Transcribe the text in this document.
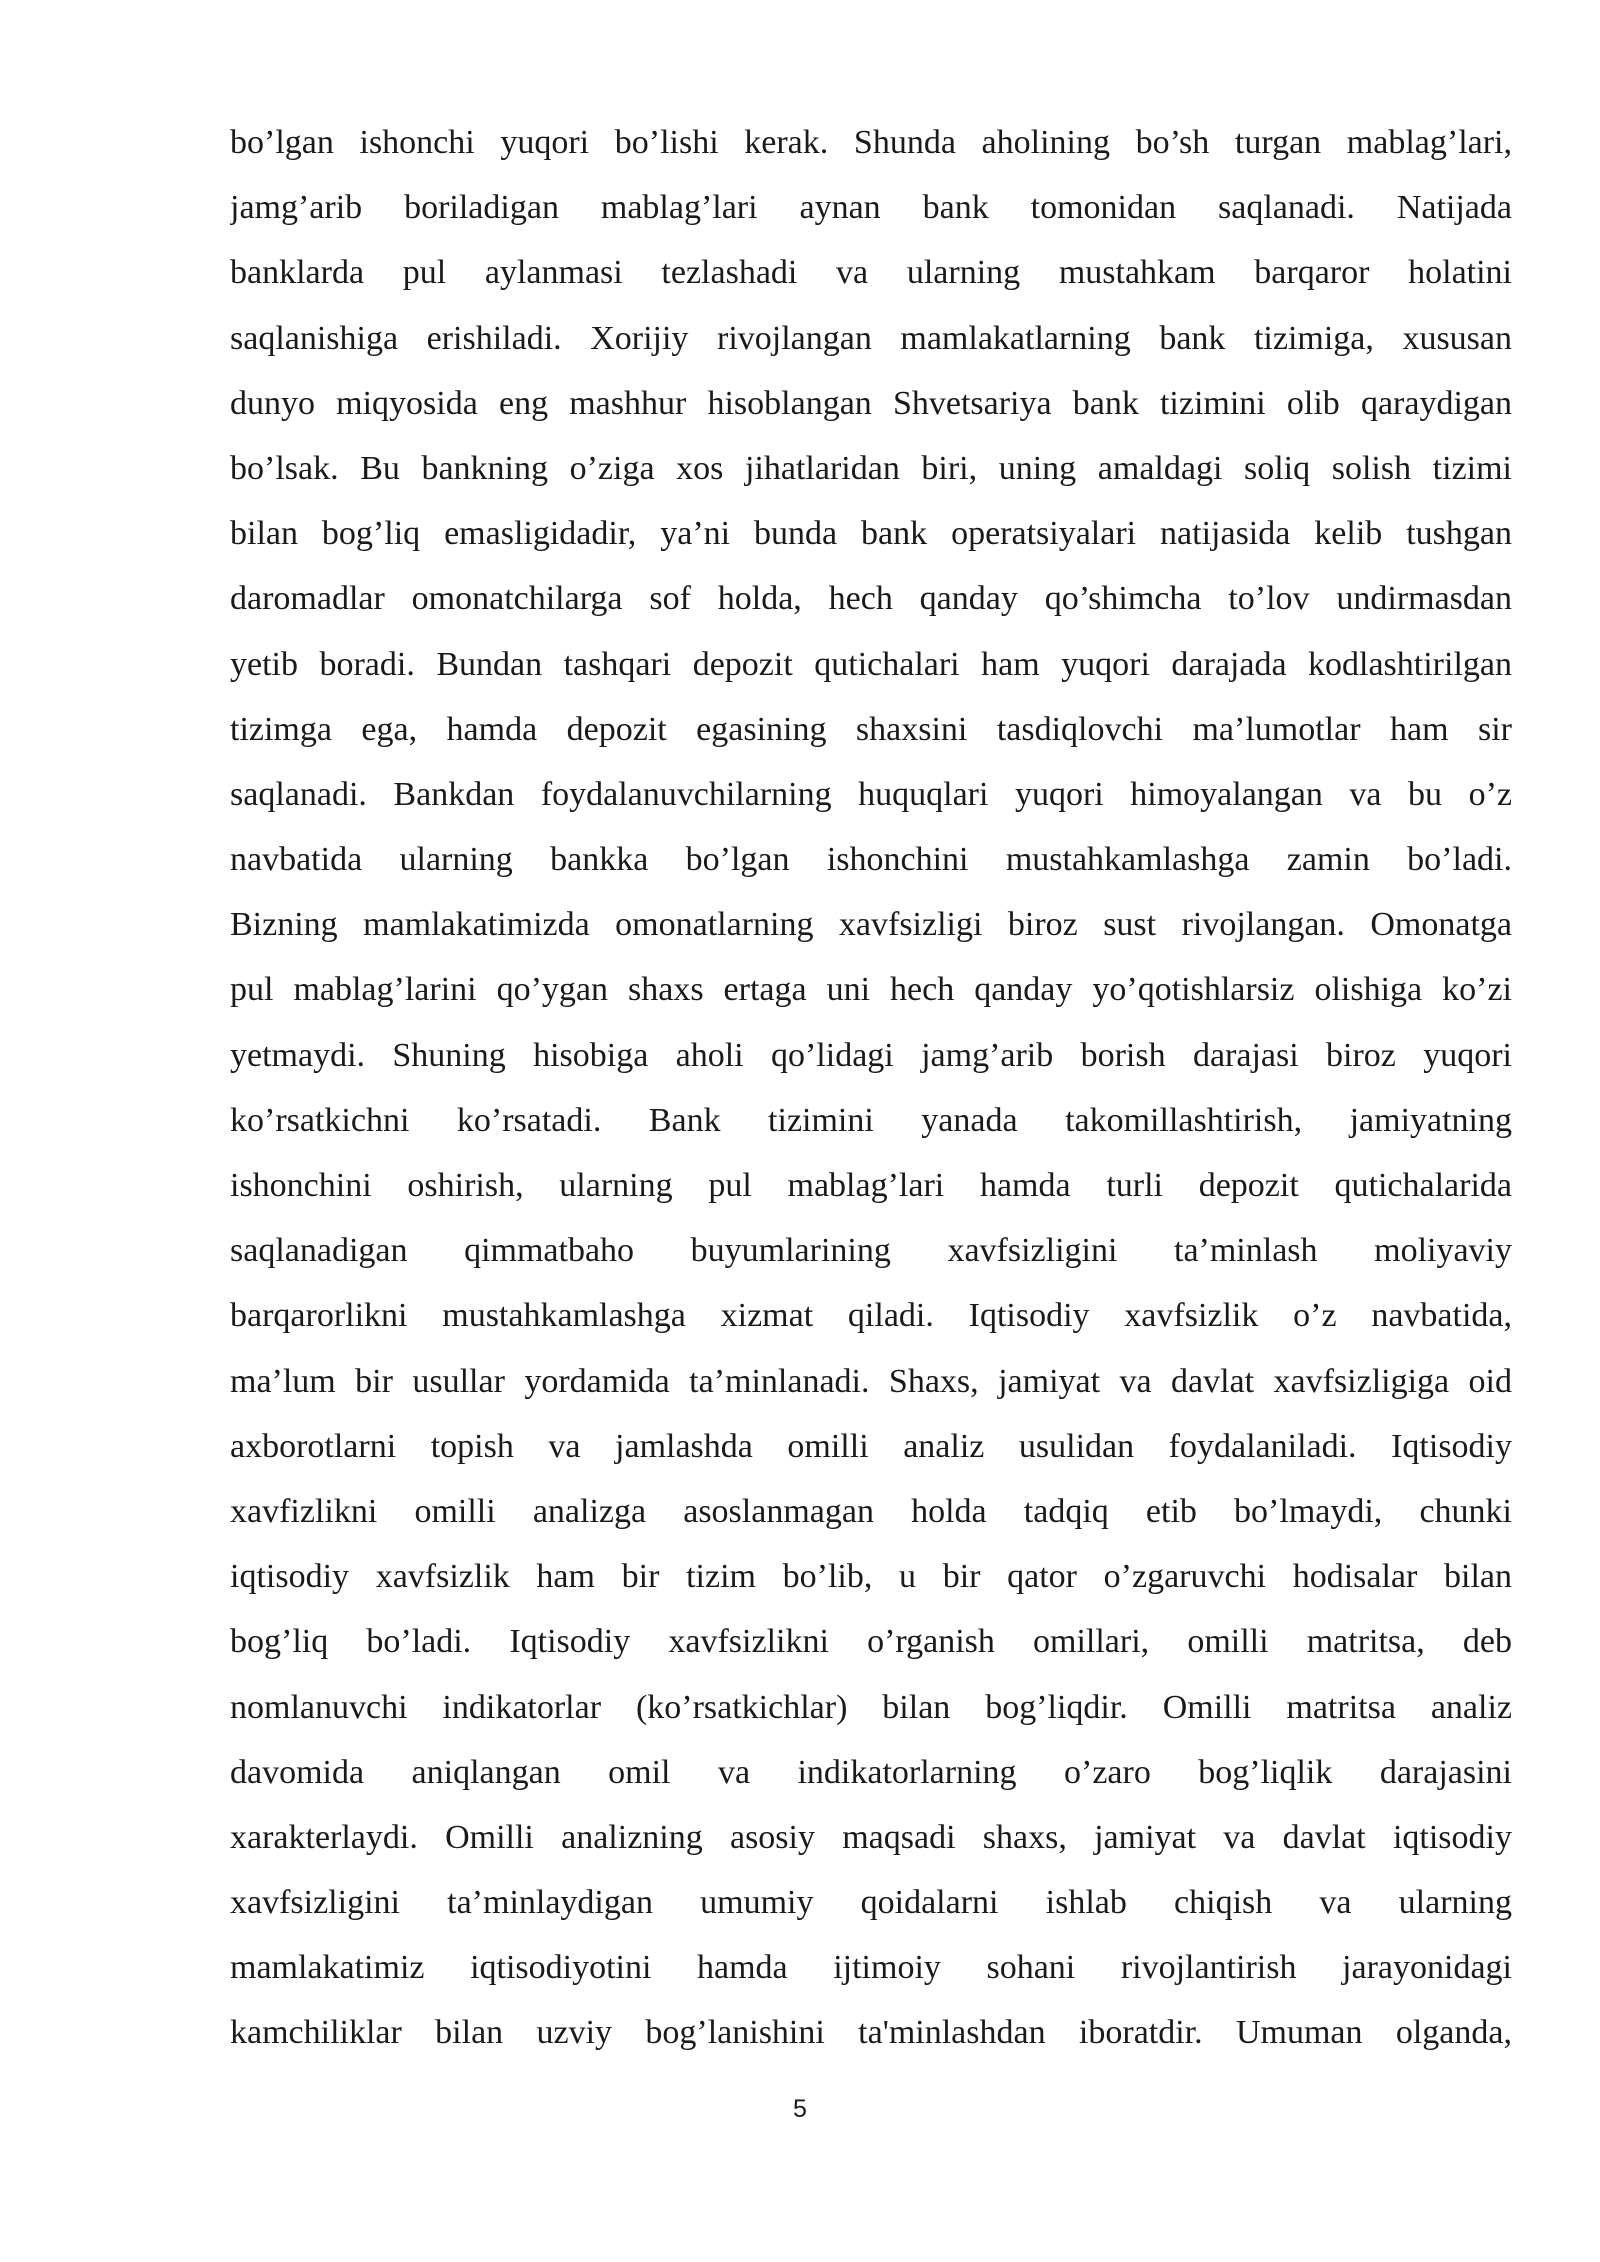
bo’lgan ishonchi yuqori bo’lishi kerak. Shunda aholining bo’sh turgan mablag’lari,
jamg’arib boriladigan mablag’lari aynan bank tomonidan saqlanadi. Natijada
banklarda pul aylanmasi tezlashadi va ularning mustahkam barqaror holatini
saqlanishiga erishiladi. Xorijiy rivojlangan mamlakatlarning bank tizimiga, xususan
dunyo miqyosida eng mashhur hisoblangan Shvetsariya bank tizimini olib qaraydigan
bo’lsak. Bu bankning o’ziga xos jihatlaridan biri, uning amaldagi soliq solish tizimi
bilan bog’liq emasligidadir, ya’ni bunda bank operatsiyalari natijasida kelib tushgan
daromadlar omonatchilarga sof holda, hech qanday qo’shimcha to’lov undirmasdan
yetib boradi. Bundan tashqari depozit qutichalari ham yuqori darajada kodlashtirilgan
tizimga ega, hamda depozit egasining shaxsini tasdiqlovchi ma’lumotlar ham sir
saqlanadi. Bankdan foydalanuvchilarning huquqlari yuqori himoyalangan va bu o’z
navbatida ularning bankka bo’lgan ishonchini mustahkamlashga zamin bo’ladi.
Bizning mamlakatimizda omonatlarning xavfsizligi biroz sust rivojlangan. Omonatga
pul mablag’larini qo’ygan shaxs ertaga uni hech qanday yo’qotishlarsiz olishiga ko’zi
yetmaydi. Shuning hisobiga aholi qo’lidagi jamg’arib borish darajasi biroz yuqori
ko’rsatkichni ko’rsatadi. Bank tizimini yanada takomillashtirish, jamiyatning
ishonchini oshirish, ularning pul mablag’lari hamda turli depozit qutichalarida
saqlanadigan qimmatbaho buyumlarining xavfsizligini ta’minlash moliyaviy
barqarorlikni mustahkamlashga xizmat qiladi. Iqtisodiy xavfsizlik o’z navbatida,
ma’lum bir usullar yordamida ta’minlanadi. Shaxs, jamiyat va davlat xavfsizligiga oid
axborotlarni topish va jamlashda omilli analiz usulidan foydalaniladi. Iqtisodiy
xavfizlikni omilli analizga asoslanmagan holda tadqiq etib bo’lmaydi, chunki
iqtisodiy xavfsizlik ham bir tizim bo’lib, u bir qator o’zgaruvchi hodisalar bilan
bog’liq bo’ladi. Iqtisodiy xavfsizlikni o’rganish omillari, omilli matritsa, deb
nomlanuvchi indikatorlar (ko’rsatkichlar) bilan bog’liqdir. Omilli matritsa analiz
davomida aniqlangan omil va indikatorlarning o’zaro bog’liqlik darajasini
xarakterlaydi. Omilli analizning asosiy maqsadi shaxs, jamiyat va davlat iqtisodiy
xavfsizligini ta’minlaydigan umumiy qoidalarni ishlab chiqish va ularning
mamlakatimiz iqtisodiyotini hamda ijtimoiy sohani rivojlantirish jarayonidagi
kamchiliklar bilan uzviy bog’lanishini ta'minlashdan iboratdir. Umuman olganda,
5
